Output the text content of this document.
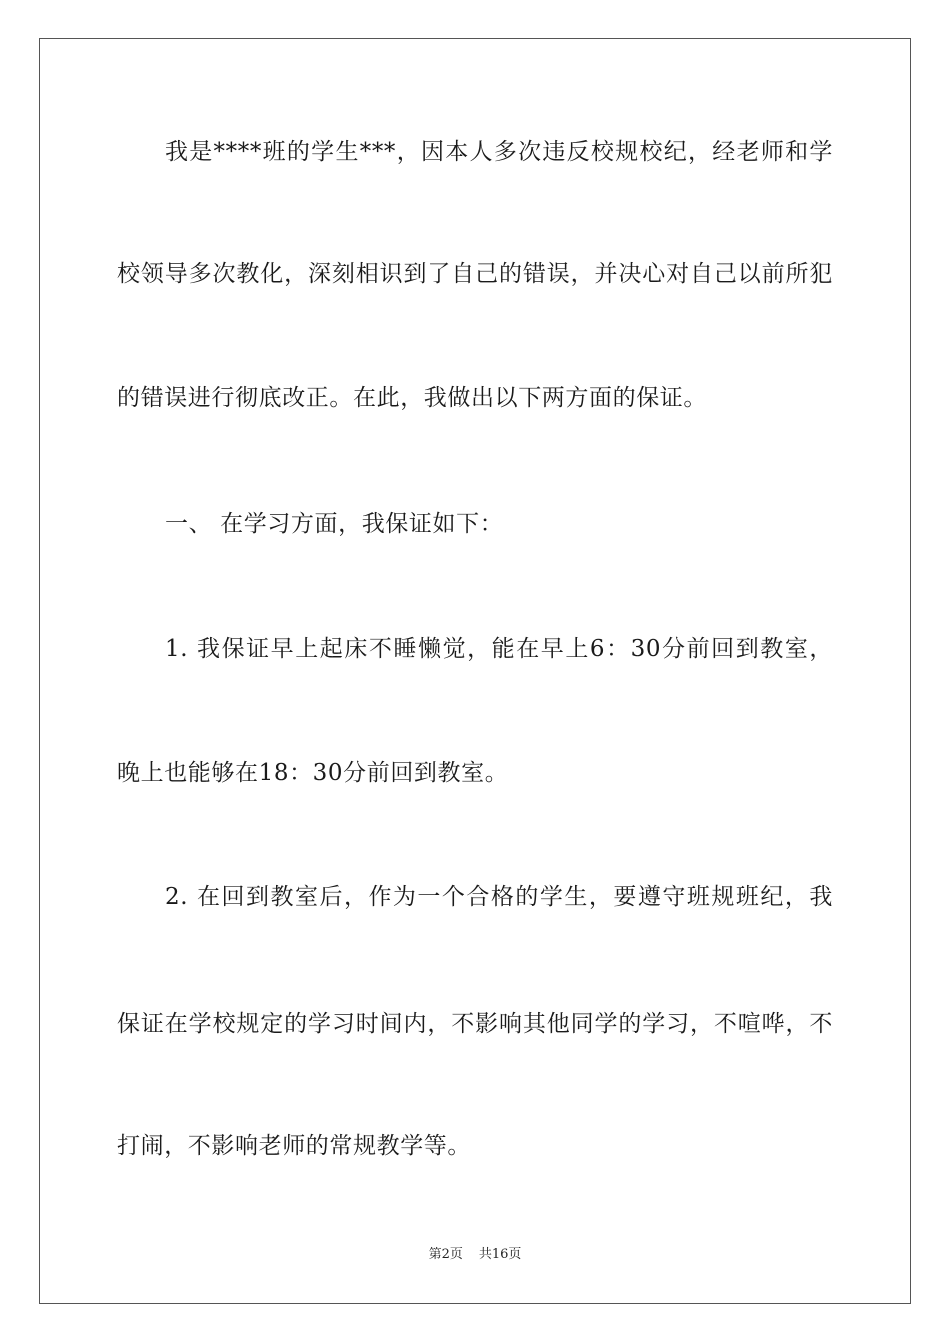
我是****班的学生***，因本人多次违反校规校纪，经老师和学
校领导多次教化，深刻相识到了自己的错误，并决心对自己以前所犯
的错误进行彻底改正。在此，我做出以下两方面的保证。
一、 在学习方面，我保证如下：
1. 我保证早上起床不睡懒觉，能在早上6：30分前回到教室，
晚上也能够在18：30分前回到教室。
2. 在回到教室后，作为一个合格的学生，要遵守班规班纪，我
保证在学校规定的学习时间内，不影响其他同学的学习，不喧哗，不
打闹，不影响老师的常规教学等。
第2页 共16页
